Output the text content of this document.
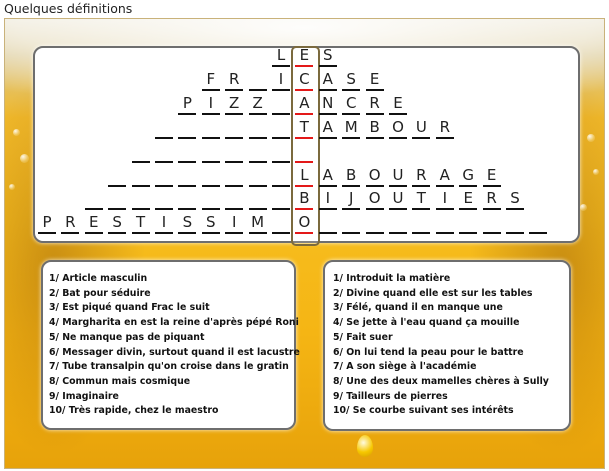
Quelques définitions
L E S
F R	I	C A S E
P	I	Z Z A N C R E
T A M B O U R
L A B O U R A G E
B	I	J	O U T	I	E R S
P R E S T	I	S S	I M O
1/ Article masculin
2/ Bat pour séduire
3/ Est piqué quand Frac le suit
4/ Margharita en est la reine d'après pépé Roni
5/ Ne manque pas de piquant
6/ Messager divin, surtout quand il est lacustre
7/ Tube transalpin qu'on croise dans le gratin
8/ Commun mais cosmique
9/ Imaginaire
10/ Très rapide, chez le maestro
1/ Introduit la matière
2/ Divine quand elle est sur les tables
3/ Félé, quand il en manque une
4/ Se jette à l'eau quand ça mouille
5/ Fait suer
6/ On lui tend la peau pour le battre
7/ A son siège à l'académie
8/ Une des deux mamelles chères à Sully
9/ Tailleurs de pierres
10/ Se courbe suivant ses intérêts
